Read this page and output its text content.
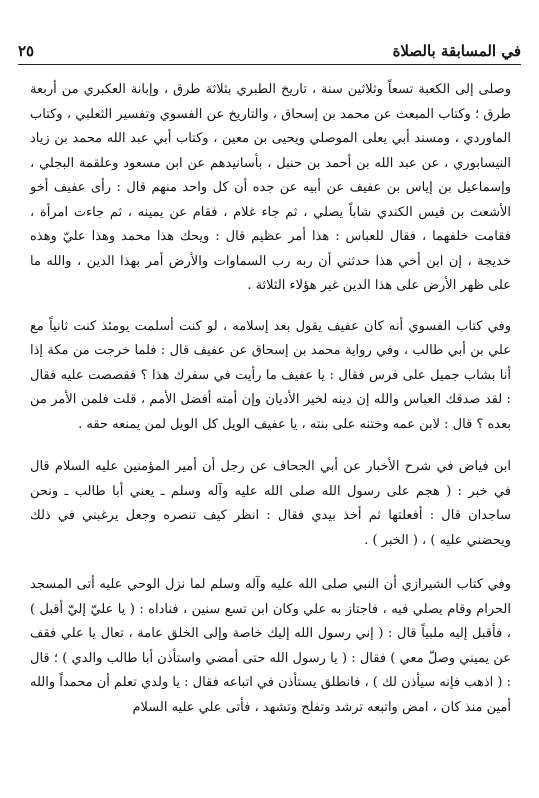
في المسابقة بالصلاة
٢٥

وصلى إلى الكعبة تسعاً وثلاثين سنة ، تاريخ الطبري بثلاثة طرق ، وإبانة العكبري من أربعة طرق ؛ وكتاب المبعث عن محمد بن إسحاق ، والتاريخ عن الفسوي وتفسير الثعلبي ، وكتاب الماوردي ، ومسند أبي يعلى الموصلي ويحيى بن معين ، وكتاب أبي عبد الله محمد بن زياد النيسابوري ، عن عبد الله بن أحمد بن حنبل ، بأسانيدهم عن ابن مسعود وعلقمة البجلي ، وإسماعيل بن إياس بن عفيف عن أبيه عن جده أن كل واحد منهم قال : رأى عفيف أخو الأشعث بن قيس الكندي شاباً يصلي ، ثم جاء غلام ، فقام عن يمينه ، ثم جاءت امرأة ، فقامت خلفهما ، فقال للعباس : هذا أمر عظيم قال : ويحك هذا محمد وهذا عليّ وهذه خديجة ، إن ابن أخي هذا حدثني أن ربه رب السماوات والأرض أمر بهذا الدين ، والله ما على ظهر الأرض على هذا الدين غير هؤلاء الثلاثة .

وفي كتاب الفسوي أنه كان عفيف يقول بعد إسلامه ، لو كنت أسلمت يومئذ كنت ثانياً مع علي بن أبي طالب ، وفي رواية محمد بن إسحاق عن عفيف قال : فلما خرجت من مكة إذا أنا بشاب جميل على فرس فقال : يا عفيف ما رأيت في سفرك هذا ؟ فقصصت عليه فقال : لقد صدقك العباس والله إن دينه لخير الأديان وإن أمته أفضل الأمم ، قلت فلمن الأمر من بعده ؟ قال : لابن عمه وختنه على بنته ، يا عفيف الويل كل الويل لمن يمنعه حقه .

ابن فياض في شرح الأخبار عن أبي الجحاف عن رجل أن أمير المؤمنين عليه السلام قال في خبر : ( هجم على رسول الله صلى الله عليه وآله وسلم ـ يعني أبا طالب ـ ونحن ساجدان قال : أفعلتها ثم أخذ بيدي فقال : انظر كيف تنصره وجعل يرغبني في ذلك ويحضني عليه ) ، ( الخبر ) .

وفي كتاب الشيرازي أن النبي صلى الله عليه وآله وسلم لما نزل الوحي عليه أتى المسجد الحرام وقام يصلي فيه ، فاجتاز به علي وكان ابن تسع سنين ، فناداه : ( يا عليّ إليّ أقبل ) ، فأقبل إليه ملبياً قال : ( إني رسول الله إليك خاصة وإلى الخلق عامة ، تعال يا علي فقف عن يميني وصلّ معي ) فقال : ( يا رسول الله حتى أمضي واستأذن أبا طالب والدي ) ؛ قال : ( اذهب فإنه سيأذن لك ) ، فانطلق يستأذن في اتباعه فقال : يا ولدي تعلم أن محمداً والله أمين منذ كان ، امض واتبعه ترشد وتفلح وتشهد ، فأتى علي عليه السلام
